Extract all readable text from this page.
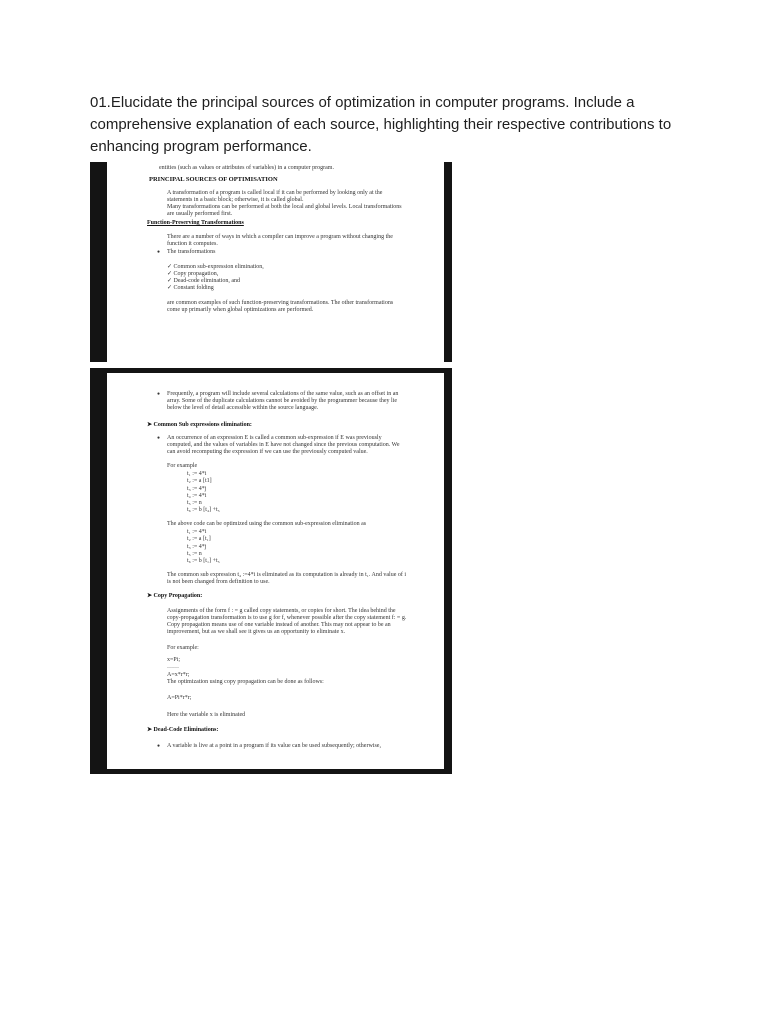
01.Elucidate the principal sources of optimization in computer programs. Include a comprehensive explanation of each source, highlighting their respective contributions to enhancing program performance.

entities (such as values or attributes of variables) in a computer program.

PRINCIPAL SOURCES OF OPTIMISATION

A transformation of a program is called local if it can be performed by looking only at the statements in a basic block; otherwise, it is called global.

Many transformations can be performed at both the local and global levels. Local transformations are usually performed first.

Function-Preserving Transformations

There are a number of ways in which a compiler can improve a program without changing the function it computes.

● The transformations

✓ Common sub-expression elimination,

✓ Copy propagation,

✓ Dead-code elimination, and

✓ Constant folding

are common examples of such function-preserving transformations. The other transformations come up primarily when global optimizations are performed.

● Frequently, a program will include several calculations of the same value, such as an offset in an array. Some of the duplicate calculations cannot be avoided by the programmer because they lie below the level of detail accessible within the source language.

➤ Common Sub expressions elimination:

● An occurrence of an expression E is called a common sub-expression if E was previously computed, and the values of variables in E have not changed since the previous computation. We can avoid recomputing the expression if we can use the previously computed value.

For example

t₁ := 4*i
t₂ := a [t1]
t₃ := 4*j
t₄ := 4*i
t₅ := n
t₆ := b [t₄] +t₅

The above code can be optimized using the common sub-expression elimination as

t₁ := 4*i
t₂ := a [t₁]
t₃ := 4*j
t₅ := n
t₆ := b [t₁] +t₅

The common sub expression t₄ :=4*i is eliminated as its computation is already in t₁. And value of i is not been changed from definition to use.

➤ Copy Propagation:

Assignments of the form f : = g called copy statements, or copies for short. The idea behind the copy-propagation transformation is to use g for f, whenever possible after the copy statement f: = g. Copy propagation means use of one variable instead of another. This may not appear to be an improvement, but as we shall see it gives us an opportunity to eliminate x.

For example:

x=Pi;
……
A=x*r*r;

The optimization using copy propagation can be done as follows:

A=Pi*r*r;

Here the variable x is eliminated

➤ Dead-Code Eliminations:

● A variable is live at a point in a program if its value can be used subsequently; otherwise,
